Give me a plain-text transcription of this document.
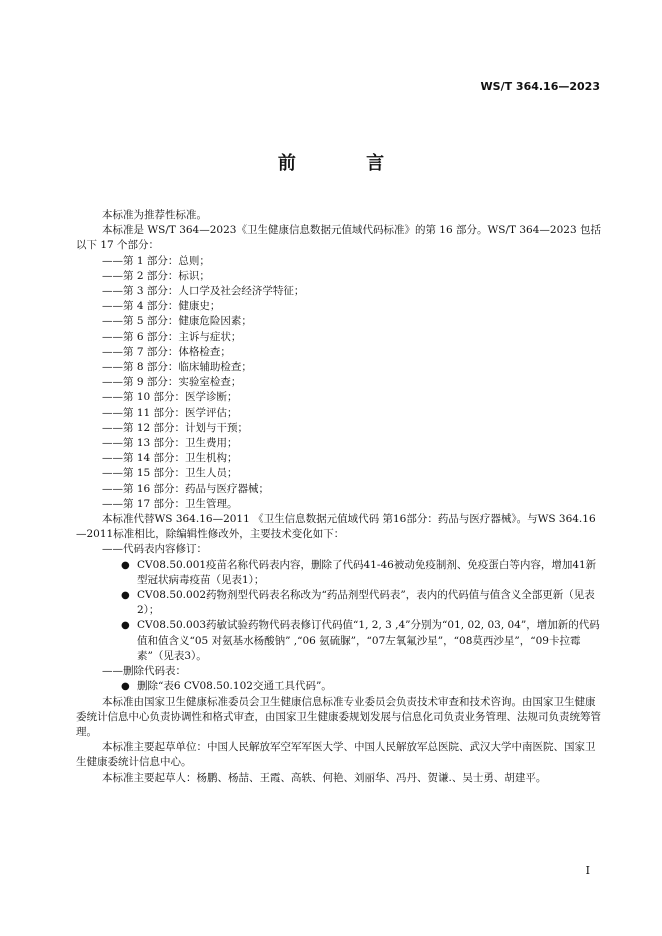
WS/T 364.16—2023
前 言

本标准为推荐性标准。

本标准是 WS/T 364—2023《卫生健康信息数据元值域代码标准》的第 16 部分。WS/T 364—2023 包括以下 17 个部分：

——第 1 部分：总则；

——第 2 部分：标识；

——第 3 部分：人口学及社会经济学特征；

——第 4 部分：健康史；

——第 5 部分：健康危险因素；

——第 6 部分：主诉与症状；

——第 7 部分：体格检查；

——第 8 部分：临床辅助检查；

——第 9 部分：实验室检查；

——第 10 部分：医学诊断；

——第 11 部分：医学评估；

——第 12 部分：计划与干预；

——第 13 部分：卫生费用；

——第 14 部分：卫生机构；

——第 15 部分：卫生人员；

——第 16 部分：药品与医疗器械；

——第 17 部分：卫生管理。

本标准代替WS 364.16—2011 《卫生信息数据元值域代码 第16部分：药品与医疗器械》。与WS 364.16—2011标准相比，除编辑性修改外，主要技术变化如下：

——代码表内容修订：

● CV08.50.001疫苗名称代码表内容，删除了代码41-46被动免疫制剂、免疫蛋白等内容，增加41新型冠状病毒疫苗（见表1）；
● CV08.50.002药物剂型代码表名称改为“药品剂型代码表”，表内的代码值与值含义全部更新（见表2）；
● CV08.50.003药敏试验药物代码表修订代码值“1, 2, 3 ,4”分别为“01, 02, 03, 04”，增加新的代码值和值含义“05 对氨基水杨酸钠” ,“06 氨硫脲”，“07左氧氟沙星”，“08莫西沙星”，“09卡拉霉素”（见表3）。

——删除代码表：

● 删除“表6 CV08.50.102交通工具代码”。

本标准由国家卫生健康标准委员会卫生健康信息标准专业委员会负责技术审查和技术咨询。由国家卫生健康委统计信息中心负责协调性和格式审查，由国家卫生健康委规划发展与信息化司负责业务管理、法规司负责统筹管理。

本标准主要起草单位：中国人民解放军空军军医大学、中国人民解放军总医院、武汉大学中南医院、国家卫生健康委统计信息中心。

本标准主要起草人：杨鹏、杨喆、王霞、高轶、何艳、刘丽华、冯丹、贺谦.、吴士勇、胡建平。

I
